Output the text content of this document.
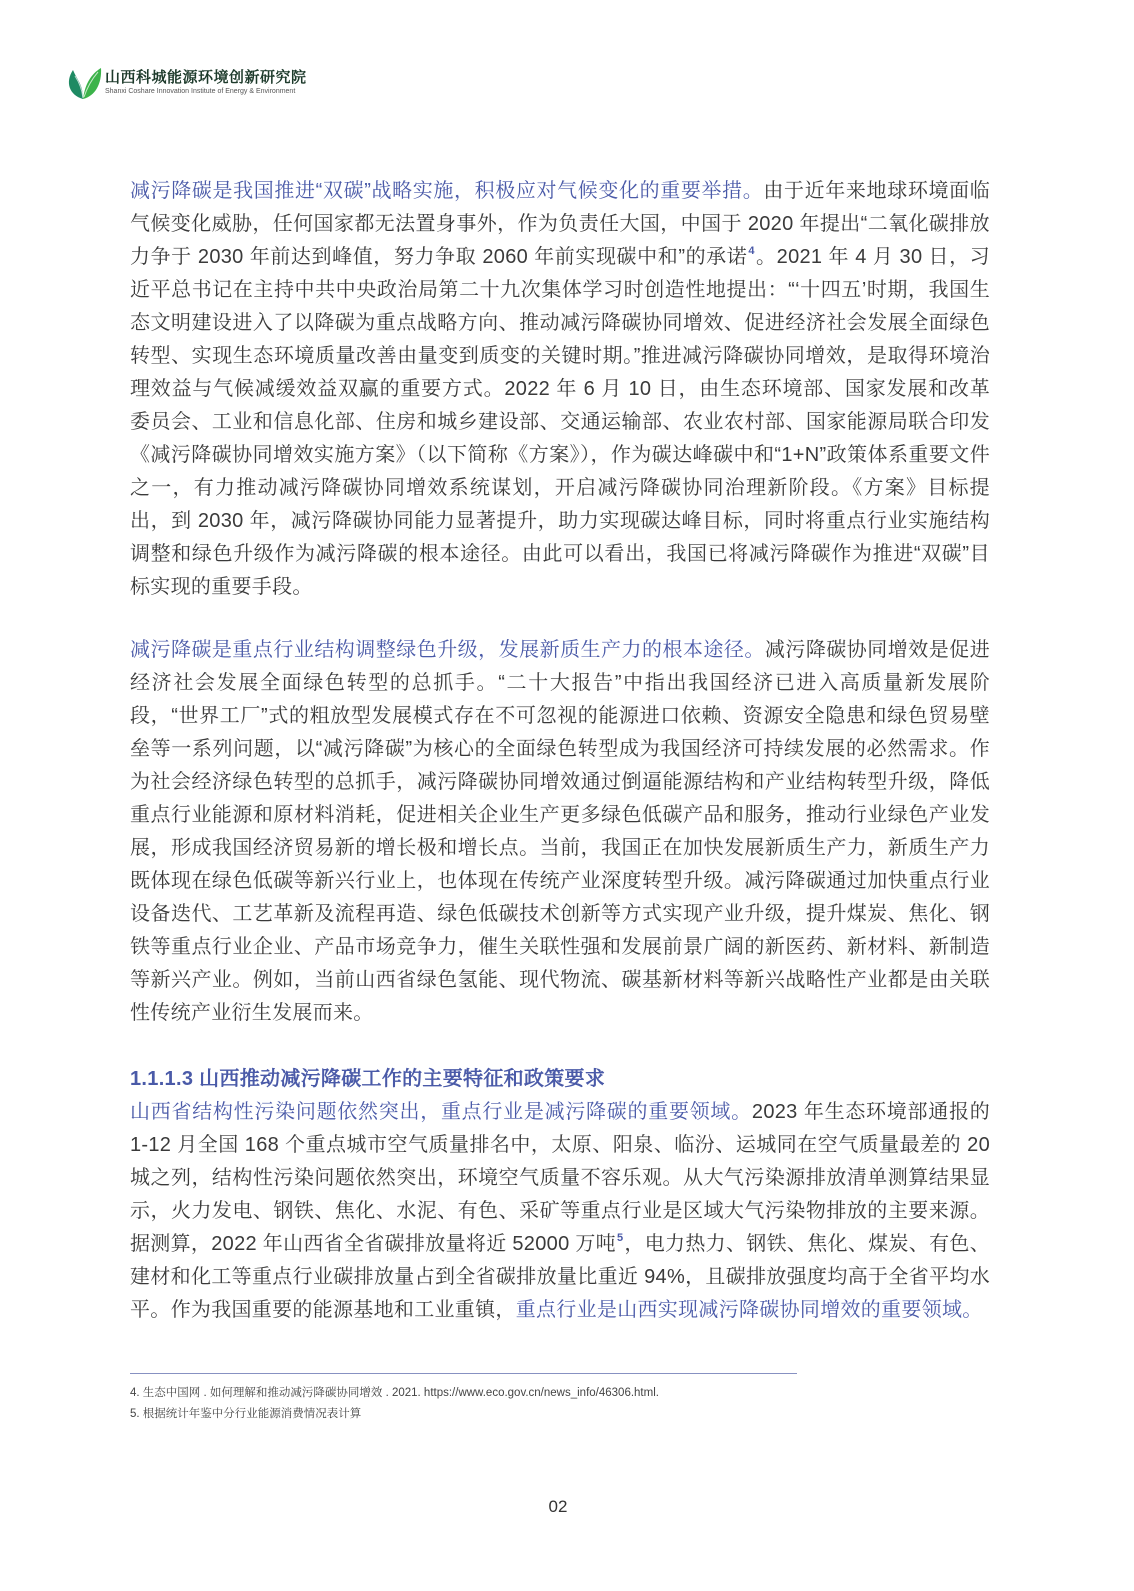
山西科城能源环境创新研究院
Shanxi Coshare Innovation Institute of Energy & Environment

减污降碳是我国推进“双碳”战略实施，积极应对气候变化的重要举措。由于近年来地球环境面临气候变化威胁，任何国家都无法置身事外，作为负责任大国，中国于 2020 年提出“二氧化碳排放力争于 2030 年前达到峰值，努力争取 2060 年前实现碳中和”的承诺$^4$。2021 年 4 月 30 日，习近平总书记在主持中共中央政治局第二十九次集体学习时创造性地提出：“‘十四五’时期，我国生态文明建设进入了以降碳为重点战略方向、推动减污降碳协同增效、促进经济社会发展全面绿色转型、实现生态环境质量改善由量变到质变的关键时期。”推进减污降碳协同增效，是取得环境治理效益与气候减缓效益双赢的重要方式。2022 年 6 月 10 日，由生态环境部、国家发展和改革委员会、工业和信息化部、住房和城乡建设部、交通运输部、农业农村部、国家能源局联合印发《减污降碳协同增效实施方案》（以下简称《方案》），作为碳达峰碳中和“1+N”政策体系重要文件之一，有力推动减污降碳协同增效系统谋划，开启减污降碳协同治理新阶段。《方案》目标提出，到 2030 年，减污降碳协同能力显著提升，助力实现碳达峰目标，同时将重点行业实施结构调整和绿色升级作为减污降碳的根本途径。由此可以看出，我国已将减污降碳作为推进“双碳”目标实现的重要手段。

减污降碳是重点行业结构调整绿色升级，发展新质生产力的根本途径。减污降碳协同增效是促进经济社会发展全面绿色转型的总抓手。“二十大报告”中指出我国经济已进入高质量新发展阶段，“世界工厂”式的粗放型发展模式存在不可忽视的能源进口依赖、资源安全隐患和绿色贸易壁垒等一系列问题，以“减污降碳”为核心的全面绿色转型成为我国经济可持续发展的必然需求。作为社会经济绿色转型的总抓手，减污降碳协同增效通过倒逼能源结构和产业结构转型升级，降低重点行业能源和原材料消耗，促进相关企业生产更多绿色低碳产品和服务，推动行业绿色产业发展，形成我国经济贸易新的增长极和增长点。当前，我国正在加快发展新质生产力，新质生产力既体现在绿色低碳等新兴行业上，也体现在传统产业深度转型升级。减污降碳通过加快重点行业设备迭代、工艺革新及流程再造、绿色低碳技术创新等方式实现产业升级，提升煤炭、焦化、钢铁等重点行业企业、产品市场竞争力，催生关联性强和发展前景广阔的新医药、新材料、新制造等新兴产业。例如，当前山西省绿色氢能、现代物流、碳基新材料等新兴战略性产业都是由关联性传统产业衍生发展而来。

1.1.1.3 山西推动减污降碳工作的主要特征和政策要求

山西省结构性污染问题依然突出，重点行业是减污降碳的重要领域。2023 年生态环境部通报的 1-12 月全国 168 个重点城市空气质量排名中，太原、阳泉、临汾、运城同在空气质量最差的 20 城之列，结构性污染问题依然突出，环境空气质量不容乐观。从大气污染源排放清单测算结果显示，火力发电、钢铁、焦化、水泥、有色、采矿等重点行业是区域大气污染物排放的主要来源。据测算，2022 年山西省全省碳排放量将近 52000 万吨$^5$，电力热力、钢铁、焦化、煤炭、有色、建材和化工等重点行业碳排放量占到全省碳排放量比重近 94%，且碳排放强度均高于全省平均水平。作为我国重要的能源基地和工业重镇，重点行业是山西实现减污降碳协同增效的重要领域。

4. 生态中国网 . 如何理解和推动减污降碳协同增效 . 2021. https://www.eco.gov.cn/news_info/46306.html.
5. 根据统计年鉴中分行业能源消费情况表计算
02
